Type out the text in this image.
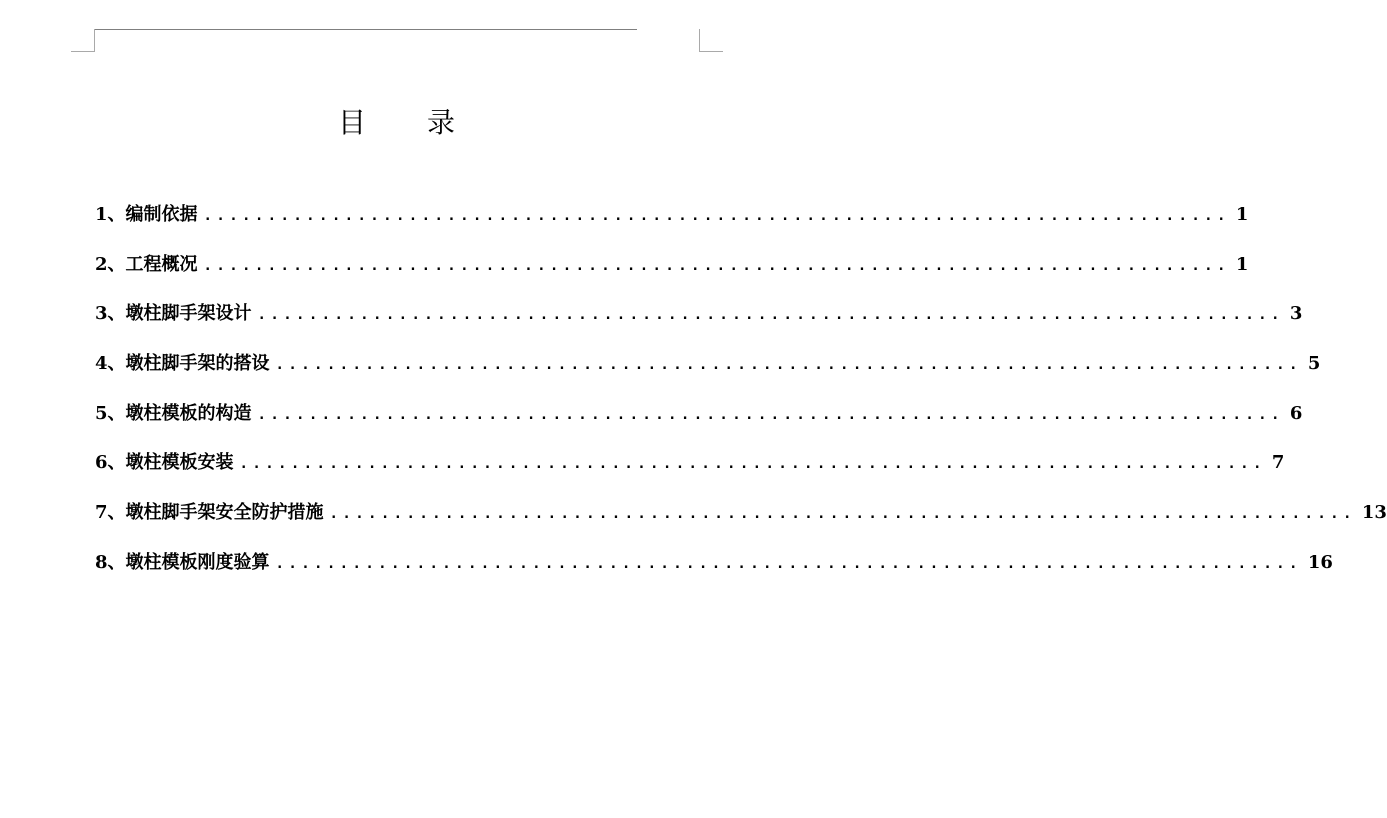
目 录
1、 编制依据 ................................................................................ 1
2、 工程概况 ................................................................................ 1
3、 墩柱脚手架设计 ................................................................................ 3
4、 墩柱脚手架的搭设 ................................................................................ 5
5、 墩柱模板的构造 ................................................................................ 6
6、 墩柱模板安装 ................................................................................ 7
7、 墩柱脚手架安全防护措施 ................................................................................ 13
8、 墩柱模板刚度验算 ................................................................................ 16
